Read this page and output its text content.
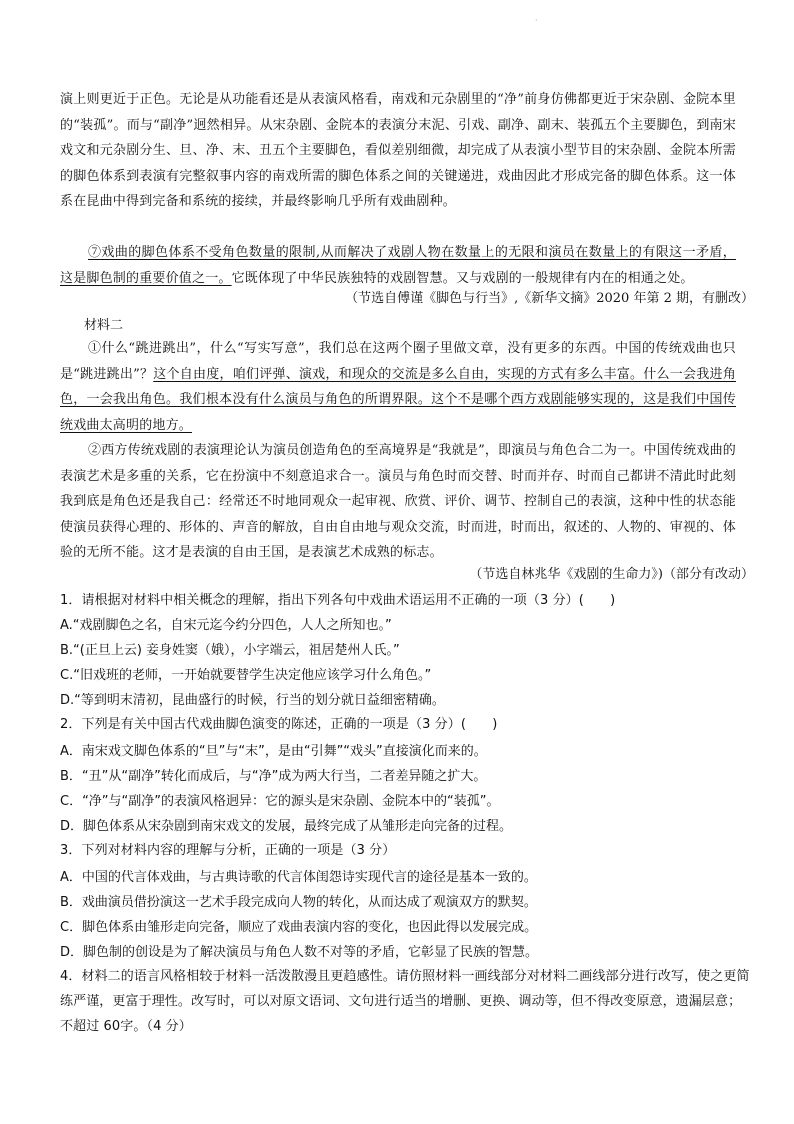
·

演上则更近于正色。无论是从功能看还是从表演风格看，南戏和元杂剧里的“净”前身仿佛都更近于宋杂剧、金院本里的“装孤”。而与“副净”迥然相异。从宋杂剧、金院本的表演分末泥、引戏、副净、副末、装孤五个主要脚色，到南宋戏文和元杂剧分生、旦、净、末、丑五个主要脚色，看似差别细微，却完成了从表演小型节目的宋杂剧、金院本所需的脚色体系到表演有完整叙事内容的南戏所需的脚色体系之间的关键递进，戏曲因此才形成完备的脚色体系。这一体系在昆曲中得到完备和系统的接续，并最终影响几乎所有戏曲剧种。

⑦戏曲的脚色体系不受角色数量的限制,从而解决了戏剧人物在数量上的无限和演员在数量上的有限这一矛盾，这是脚色制的重要价值之一。它既体现了中华民族独特的戏剧智慧。又与戏剧的一般规律有内在的相通之处。

（节选自傅谨《脚色与行当》,《新华文摘》2020 年第 2 期，有删改）
材料二

①什么“跳进跳出”，什么“写实写意”，我们总在这两个圈子里做文章，没有更多的东西。中国的传统戏曲也只是“跳进跳出”？这个自由度，咱们评弹、演戏，和现众的交流是多么自由，实现的方式有多么丰富。什么一会我进角色，一会我出角色。我们根本没有什么演员与角色的所谓界限。这个不是哪个西方戏剧能够实现的，这是我们中国传统戏曲太高明的地方。

②西方传统戏剧的表演理论认为演员创造角色的至高境界是“我就是”，即演员与角色合二为一。中国传统戏曲的表演艺术是多重的关系，它在扮演中不刻意追求合一。演员与角色时而交替、时而并存、时而自己都讲不清此时此刻我到底是角色还是我自己：经常还不时地同观众一起审视、欣赏、评价、调节、控制自己的表演，这种中性的状态能使演员获得心理的、形体的、声音的解放，自由自由地与观众交流，时而进，时而出，叙述的、人物的、审视的、体验的无所不能。这才是表演的自由王国，是表演艺术成熟的标志。

（节选自林兆华《戏剧的生命力》)（部分有改动）
1．请根据对材料中相关概念的理解，指出下列各句中戏曲术语运用不正确的一项（3 分）(　　)
A.“戏剧脚色之名，自宋元迄今约分四色，人人之所知也。”
B.“(正旦上云) 妾身姓窦（娥），小字端云，祖居楚州人氏。”
C.“旧戏班的老师，一开始就要替学生决定他应该学习什么角色。”
D.“等到明末清初，昆曲盛行的时候，行当的划分就日益细密精确。
2．下列是有关中国古代戏曲脚色演变的陈述，正确的一项是（3 分）(　　)
A．南宋戏文脚色体系的“旦”与“末”，是由“引舞”“戏头”直接演化而来的。
B．“丑”从“副净”转化而成后，与“净”成为两大行当，二者差异随之扩大。
C．“净”与“副净”的表演风格迥异：它的源头是宋杂剧、金院本中的“装孤”。
D．脚色体系从宋杂剧到南宋戏文的发展，最终完成了从雏形走向完备的过程。
3．下列对材料内容的理解与分析，正确的一项是（3 分）
A．中国的代言体戏曲，与古典诗歌的代言体闺怨诗实现代言的途径是基本一致的。
B．戏曲演员借扮演这一艺术手段完成向人物的转化，从而达成了观演双方的默契。
C．脚色体系由雏形走向完备，顺应了戏曲表演内容的变化，也因此得以发展完成。
D．脚色制的创设是为了解决演员与角色人数不对等的矛盾，它彰显了民族的智慧。
4．材料二的语言风格相较于材料一活泼散漫且更趋感性。请仿照材料一画线部分对材料二画线部分进行改写，使之更简练严谨，更富于理性。改写时，可以对原文语词、文句进行适当的增删、更换、调动等，但不得改变原意，遗漏层意；不超过 60字。（4 分）
